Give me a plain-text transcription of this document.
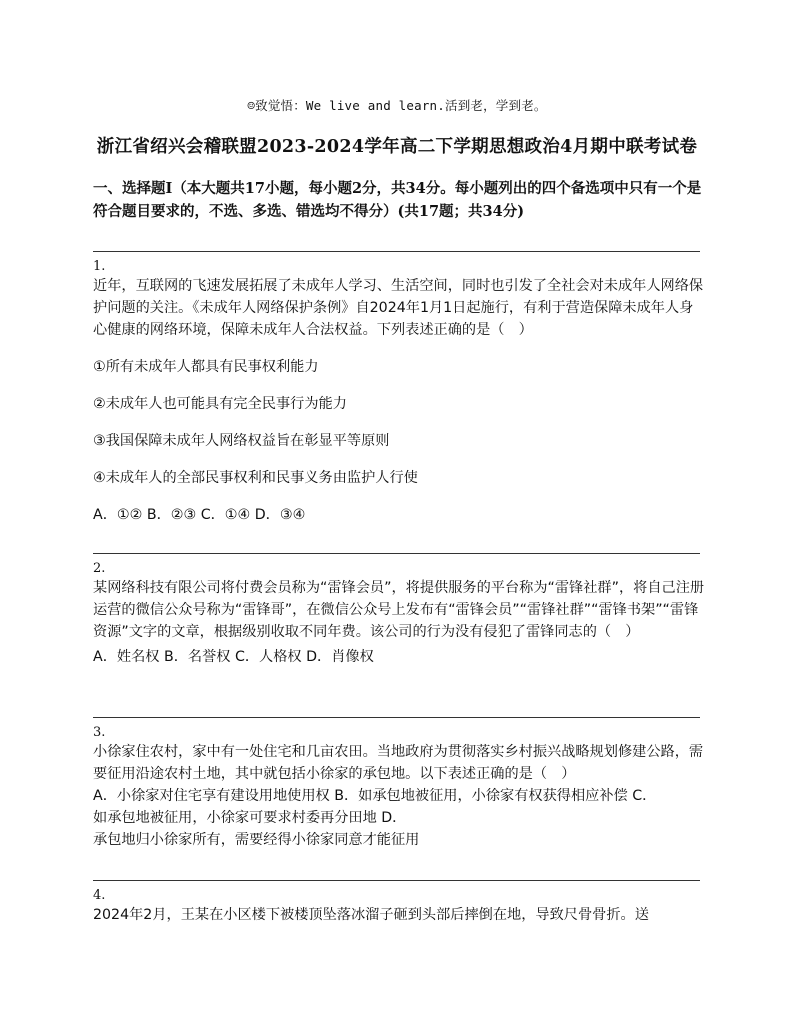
☺致觉悟：We live and learn.活到老，学到老。
浙江省绍兴会稽联盟2023-2024学年高二下学期思想政治4月期中联考试卷
一、选择题Ⅰ（本大题共17小题，每小题2分，共34分。每小题列出的四个备选项中只有一个是符合题目要求的，不选、多选、错选均不得分）(共17题；共34分)
1.

近年，互联网的飞速发展拓展了未成年人学习、生活空间，同时也引发了全社会对未成年人网络保护问题的关注。《未成年人网络保护条例》自2024年1月1日起施行，有利于营造保障未成年人身心健康的网络环境，保障未成年人合法权益。下列表述正确的是（　）

①所有未成年人都具有民事权利能力

②未成年人也可能具有完全民事行为能力

③我国保障未成年人网络权益旨在彰显平等原则

④未成年人的全部民事权利和民事义务由监护人行使

A．①② B．②③ C．①④ D．③④

2.

某网络科技有限公司将付费会员称为“雷锋会员”，将提供服务的平台称为“雷锋社群”，将自己注册运营的微信公众号称为“雷锋哥”，在微信公众号上发布有“雷锋会员”“雷锋社群”“雷锋书架”“雷锋资源”文字的文章，根据级别收取不同年费。该公司的行为没有侵犯了雷锋同志的（　）

A．姓名权 B．名誉权 C．人格权 D．肖像权

3.

小徐家住农村，家中有一处住宅和几亩农田。当地政府为贯彻落实乡村振兴战略规划修建公路，需要征用沿途农村土地，其中就包括小徐家的承包地。以下表述正确的是（　）

A．小徐家对住宅享有建设用地使用权 B．如承包地被征用，小徐家有权获得相应补偿 C．

如承包地被征用，小徐家可要求村委再分田地 D．

承包地归小徐家所有，需要经得小徐家同意才能征用

4.

2024年2月，王某在小区楼下被楼顶坠落冰溜子砸到头部后摔倒在地，导致尺骨骨折。送
